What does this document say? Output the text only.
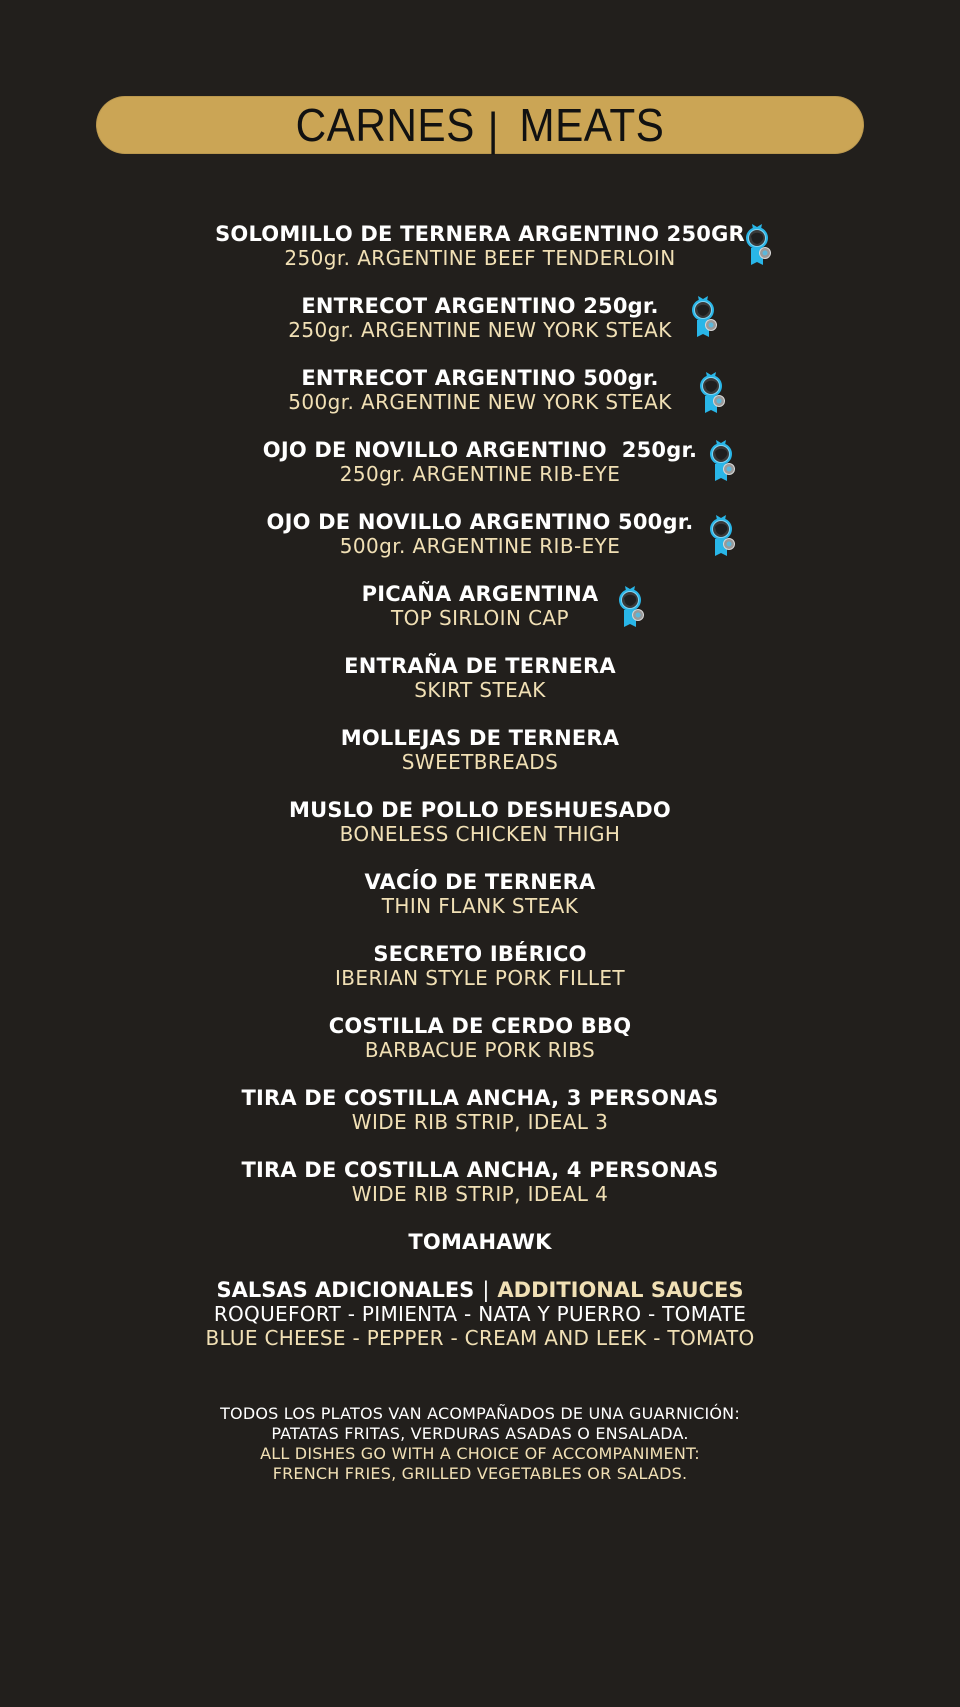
CARNES | MEATS
SOLOMILLO DE TERNERA ARGENTINO 250GR
250gr. ARGENTINE BEEF TENDERLOIN
ENTRECOT ARGENTINO 250gr.
250gr. ARGENTINE NEW YORK STEAK
ENTRECOT ARGENTINO 500gr.
500gr. ARGENTINE NEW YORK STEAK
OJO DE NOVILLO ARGENTINO  250gr.
250gr. ARGENTINE RIB-EYE
OJO DE NOVILLO ARGENTINO 500gr.
500gr. ARGENTINE RIB-EYE
PICAÑA ARGENTINA
TOP SIRLOIN CAP
ENTRAÑA DE TERNERA
SKIRT STEAK
MOLLEJAS DE TERNERA
SWEETBREADS
MUSLO DE POLLO DESHUESADO
BONELESS CHICKEN THIGH
VACÍO DE TERNERA
THIN FLANK STEAK
SECRETO IBÉRICO
IBERIAN STYLE PORK FILLET
COSTILLA DE CERDO BBQ
BARBACUE PORK RIBS
TIRA DE COSTILLA ANCHA, 3 PERSONAS
WIDE RIB STRIP, IDEAL 3
TIRA DE COSTILLA ANCHA, 4 PERSONAS
WIDE RIB STRIP, IDEAL 4
TOMAHAWK
SALSAS ADICIONALES | ADDITIONAL SAUCES
ROQUEFORT - PIMIENTA - NATA Y PUERRO - TOMATE
BLUE CHEESE - PEPPER - CREAM AND LEEK - TOMATO
TODOS LOS PLATOS VAN ACOMPAÑADOS DE UNA GUARNICIÓN:
PATATAS FRITAS, VERDURAS ASADAS O ENSALADA.
ALL DISHES GO WITH A CHOICE OF ACCOMPANIMENT:
FRENCH FRIES, GRILLED VEGETABLES OR SALADS.
